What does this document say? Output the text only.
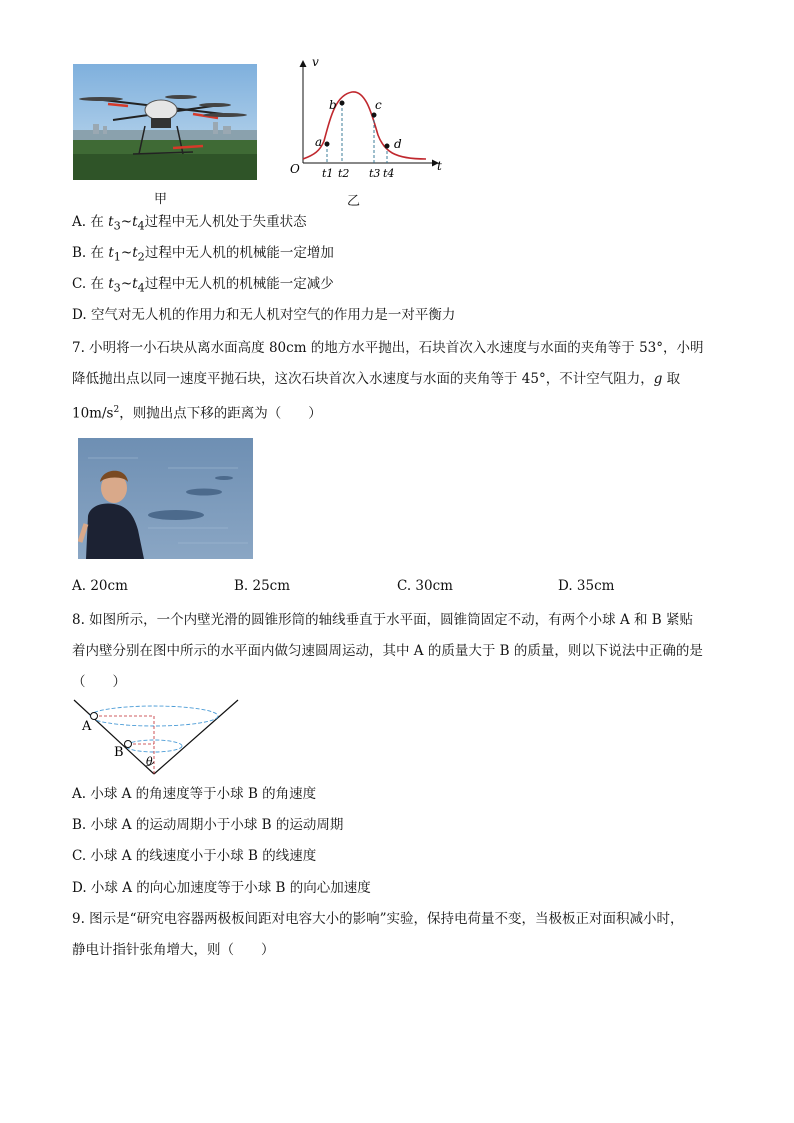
甲
v
t
O
a
b	c
d
t1 t2 t3 t4
乙
A. 在 $t_3\sim t_4$过程中无人机处于失重状态
B. 在 $t_1\sim t_2$过程中无人机的机械能一定增加
C. 在 $t_3\sim t_4$过程中无人机的机械能一定减少
D. 空气对无人机的作用力和无人机对空气的作用力是一对平衡力
7. 小明将一小石块从离水面高度 80cm 的地方水平抛出，石块首次入水速度与水面的夹角等于 53°，小明
降低抛出点以同一速度平抛石块，这次石块首次入水速度与水面的夹角等于 45°，不计空气阻力，g 取
$10m/s^2$，则抛出点下移的距离为（　　）
A. 20cm	B. 25cm	C. 30cm	D. 35cm
8. 如图所示，一个内壁光滑的圆锥形筒的轴线垂直于水平面，圆锥筒固定不动，有两个小球 A 和 B 紧贴
着内壁分别在图中所示的水平面内做匀速圆周运动，其中 A 的质量大于 B 的质量，则以下说法中正确的是
（　　）
A
B
θ
A. 小球 A 的角速度等于小球 B 的角速度
B. 小球 A 的运动周期小于小球 B 的运动周期
C. 小球 A 的线速度小于小球 B 的线速度
D. 小球 A 的向心加速度等于小球 B 的向心加速度
9. 图示是“研究电容器两极板间距对电容大小的影响”实验，保持电荷量不变，当极板正对面积减小时，
静电计指针张角增大，则（　　）
